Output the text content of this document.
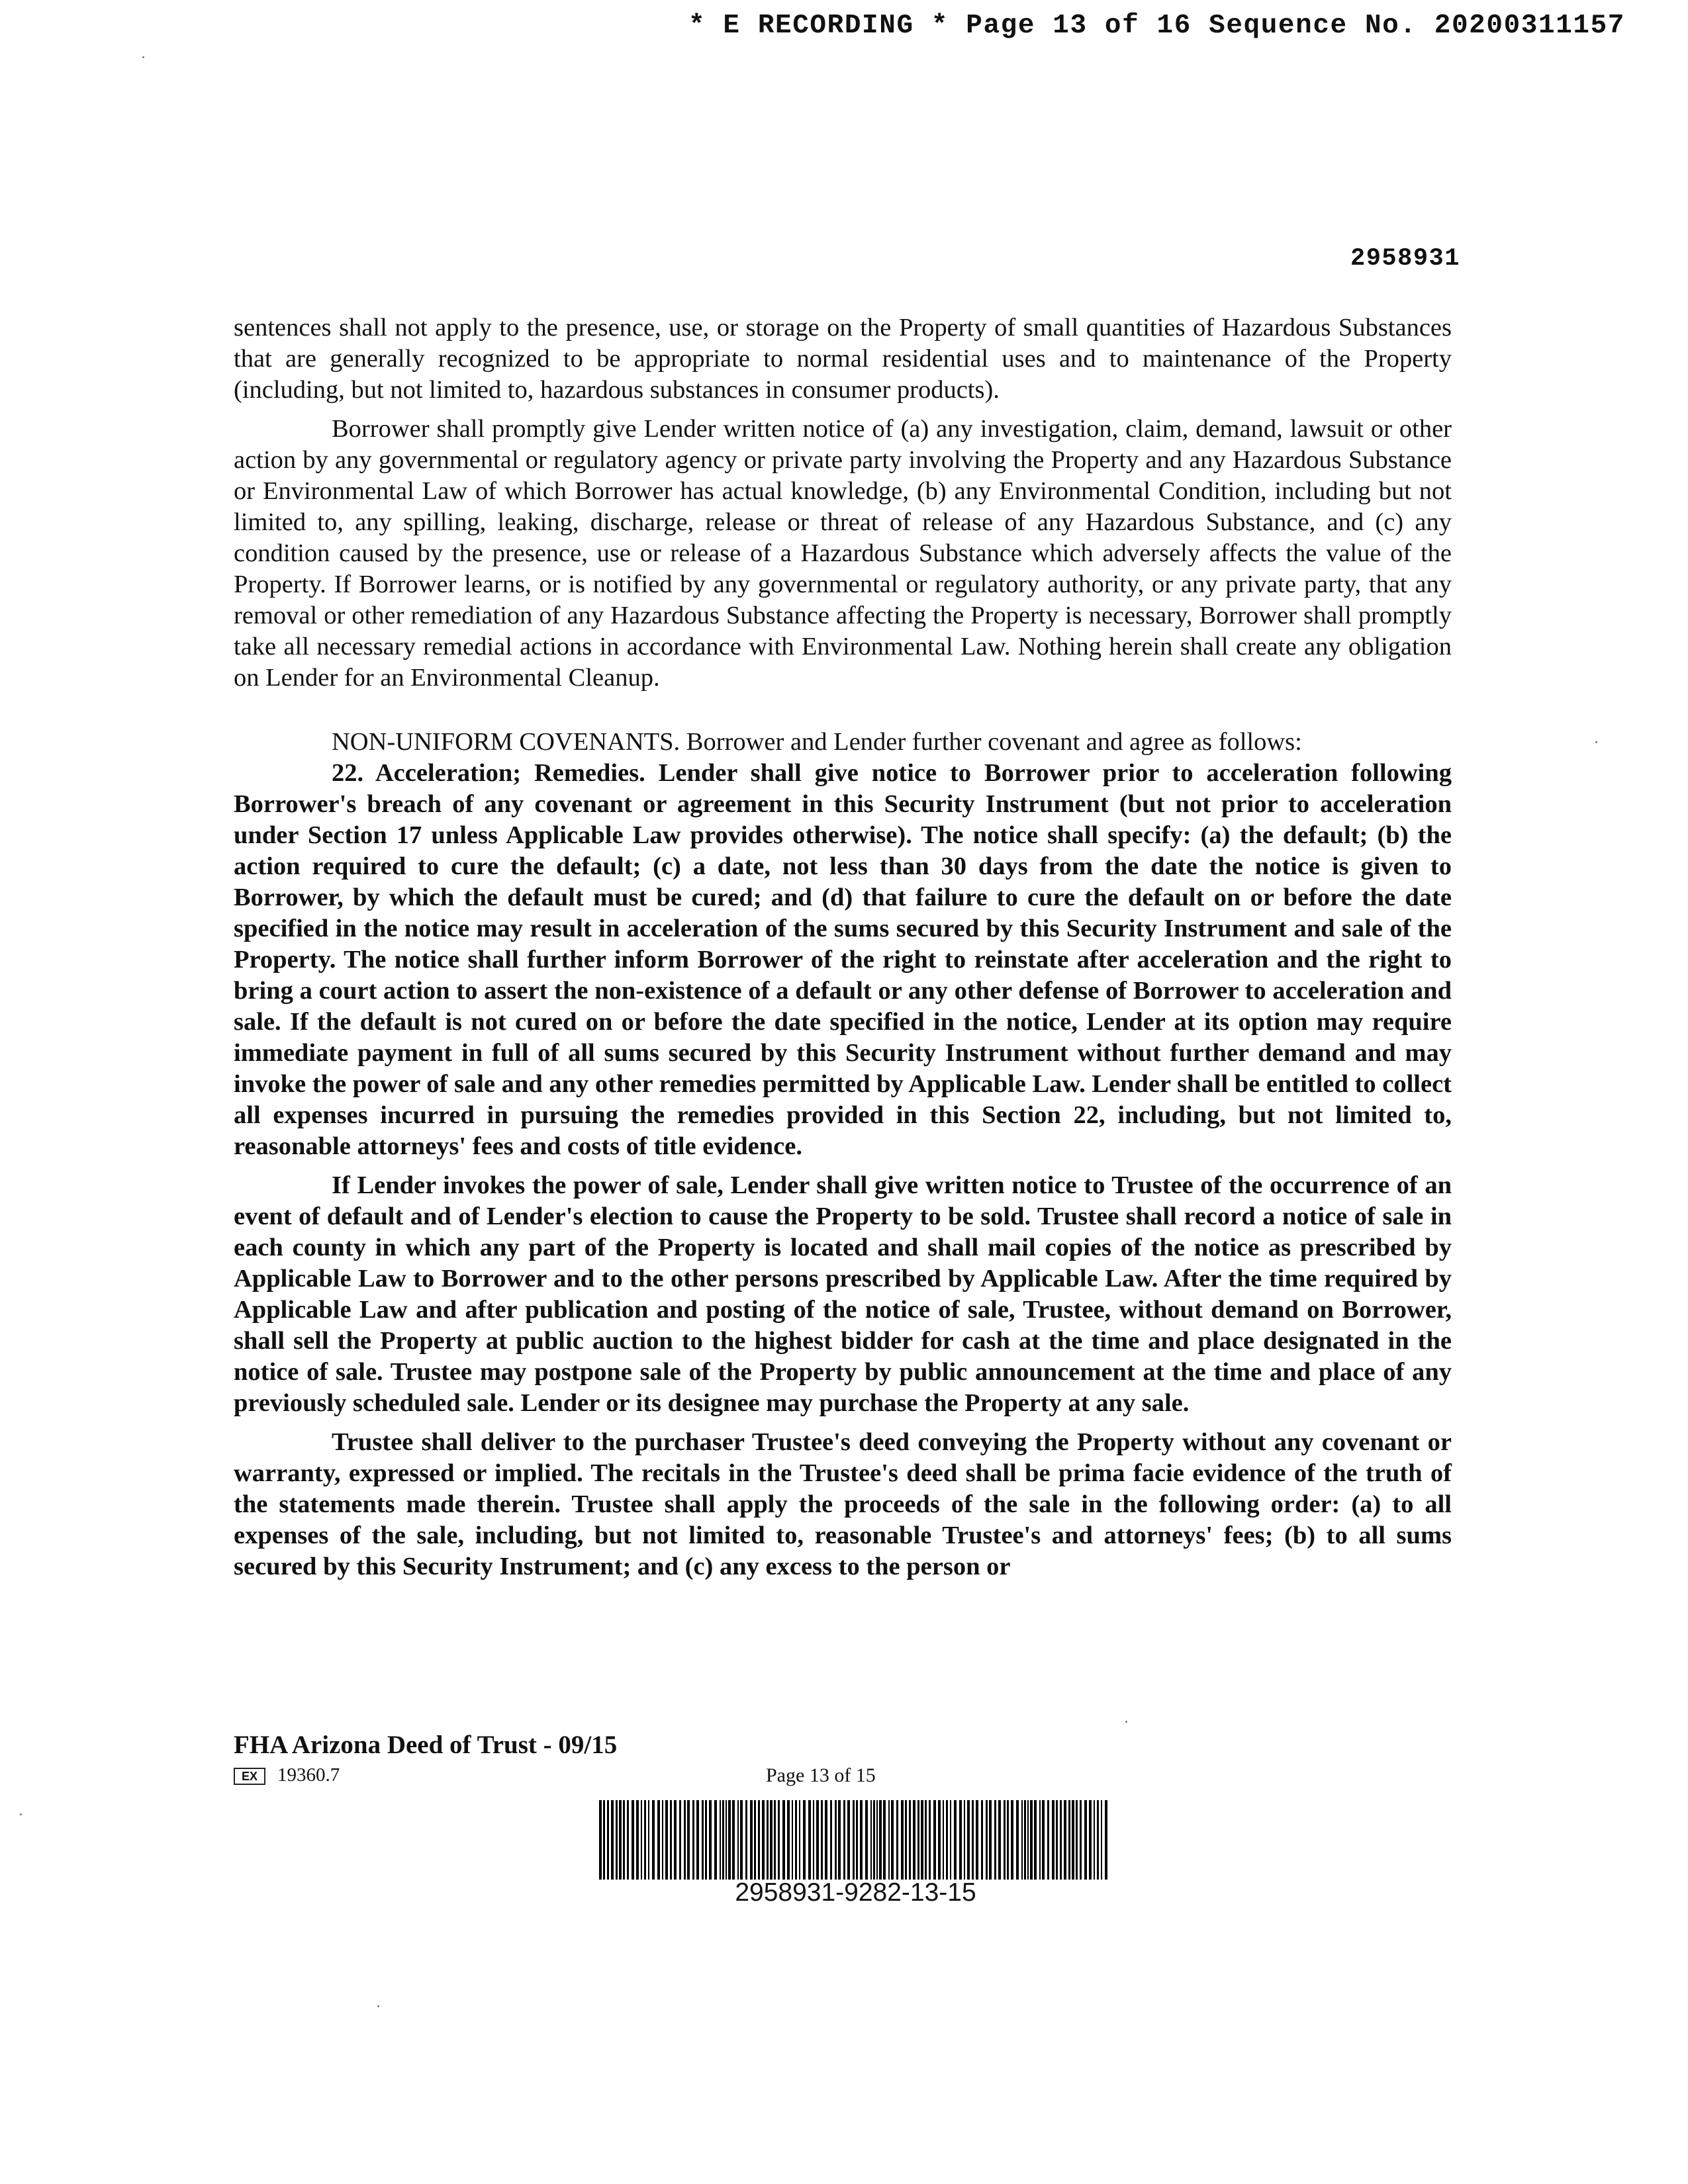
* E RECORDING * Page 13 of 16 Sequence No. 20200311157
2958931

sentences shall not apply to the presence, use, or storage on the Property of small quantities of Hazardous Substances that are generally recognized to be appropriate to normal residential uses and to maintenance of the Property (including, but not limited to, hazardous substances in consumer products).

Borrower shall promptly give Lender written notice of (a) any investigation, claim, demand, lawsuit or other action by any governmental or regulatory agency or private party involving the Property and any Hazardous Substance or Environmental Law of which Borrower has actual knowledge, (b) any Environmental Condition, including but not limited to, any spilling, leaking, discharge, release or threat of release of any Hazardous Substance, and (c) any condition caused by the presence, use or release of a Hazardous Substance which adversely affects the value of the Property. If Borrower learns, or is notified by any governmental or regulatory authority, or any private party, that any removal or other remediation of any Hazardous Substance affecting the Property is necessary, Borrower shall promptly take all necessary remedial actions in accordance with Environmental Law. Nothing herein shall create any obligation on Lender for an Environmental Cleanup.

NON-UNIFORM COVENANTS. Borrower and Lender further covenant and agree as follows:

22. Acceleration; Remedies. Lender shall give notice to Borrower prior to acceleration following Borrower's breach of any covenant or agreement in this Security Instrument (but not prior to acceleration under Section 17 unless Applicable Law provides otherwise). The notice shall specify: (a) the default; (b) the action required to cure the default; (c) a date, not less than 30 days from the date the notice is given to Borrower, by which the default must be cured; and (d) that failure to cure the default on or before the date specified in the notice may result in acceleration of the sums secured by this Security Instrument and sale of the Property. The notice shall further inform Borrower of the right to reinstate after acceleration and the right to bring a court action to assert the non-existence of a default or any other defense of Borrower to acceleration and sale. If the default is not cured on or before the date specified in the notice, Lender at its option may require immediate payment in full of all sums secured by this Security Instrument without further demand and may invoke the power of sale and any other remedies permitted by Applicable Law. Lender shall be entitled to collect all expenses incurred in pursuing the remedies provided in this Section 22, including, but not limited to, reasonable attorneys' fees and costs of title evidence.

If Lender invokes the power of sale, Lender shall give written notice to Trustee of the occurrence of an event of default and of Lender's election to cause the Property to be sold. Trustee shall record a notice of sale in each county in which any part of the Property is located and shall mail copies of the notice as prescribed by Applicable Law to Borrower and to the other persons prescribed by Applicable Law. After the time required by Applicable Law and after publication and posting of the notice of sale, Trustee, without demand on Borrower, shall sell the Property at public auction to the highest bidder for cash at the time and place designated in the notice of sale. Trustee may postpone sale of the Property by public announcement at the time and place of any previously scheduled sale. Lender or its designee may purchase the Property at any sale.

Trustee shall deliver to the purchaser Trustee's deed conveying the Property without any covenant or warranty, expressed or implied. The recitals in the Trustee's deed shall be prima facie evidence of the truth of the statements made therein. Trustee shall apply the proceeds of the sale in the following order: (a) to all expenses of the sale, including, but not limited to, reasonable Trustee's and attorneys' fees; (b) to all sums secured by this Security Instrument; and (c) any excess to the person or

FHA Arizona Deed of Trust - 09/15
EX 19360.7	Page 13 of 15
2958931-9282-13-15
